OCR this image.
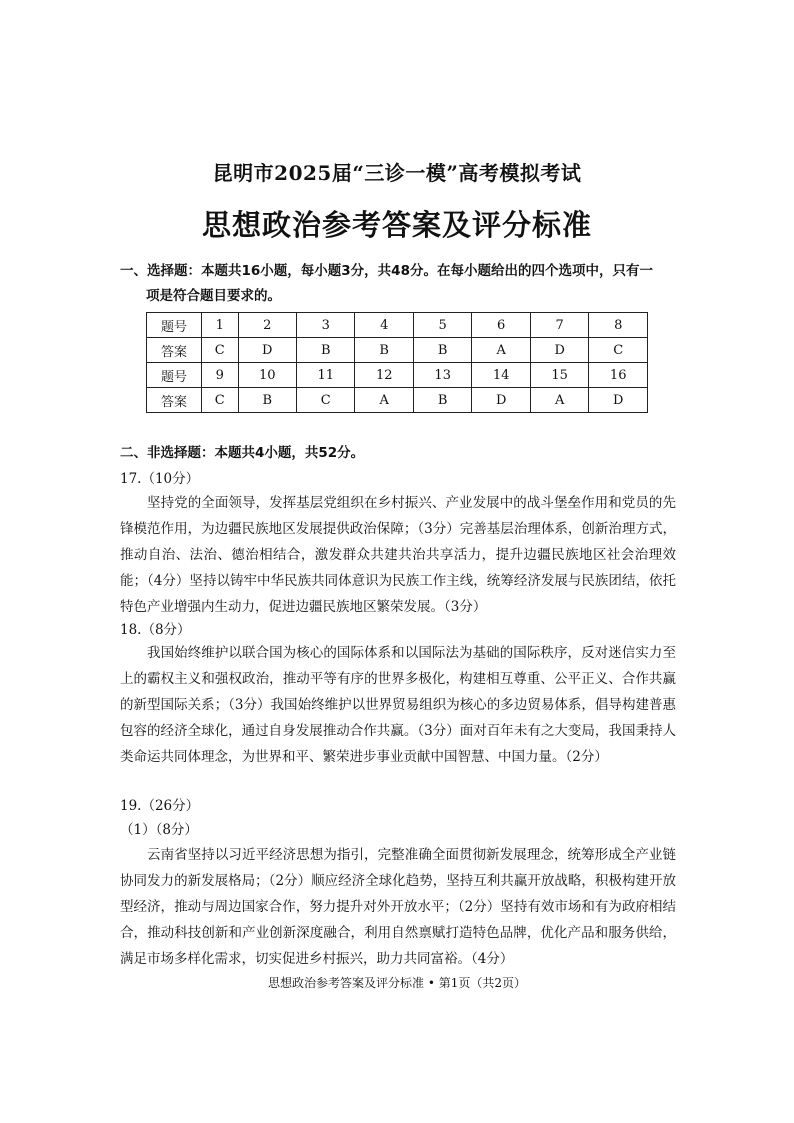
昆明市2025届“三诊一模”高考模拟考试
思想政治参考答案及评分标准
一、选择题：本题共16小题，每小题3分，共48分。在每小题给出的四个选项中，只有一
项是符合题目要求的。
题号	1	2	3	4	5	6	7	8
答案	C	D	B	B	B	A	D	C
题号	9	10	11	12	13	14	15	16
答案	C	B	C	A	B	D	A	D
二、非选择题：本题共4小题，共52分。
17.（10分）

坚持党的全面领导，发挥基层党组织在乡村振兴、产业发展中的战斗堡垒作用和党员的先锋模范作用，为边疆民族地区发展提供政治保障；（3分）完善基层治理体系，创新治理方式，推动自治、法治、德治相结合，激发群众共建共治共享活力，提升边疆民族地区社会治理效能；（4分）坚持以铸牢中华民族共同体意识为民族工作主线，统筹经济发展与民族团结，依托特色产业增强内生动力，促进边疆民族地区繁荣发展。（3分）

18.（8分）

我国始终维护以联合国为核心的国际体系和以国际法为基础的国际秩序，反对迷信实力至上的霸权主义和强权政治，推动平等有序的世界多极化，构建相互尊重、公平正义、合作共赢的新型国际关系；（3分）我国始终维护以世界贸易组织为核心的多边贸易体系，倡导构建普惠包容的经济全球化，通过自身发展推动合作共赢。（3分）面对百年未有之大变局，我国秉持人类命运共同体理念，为世界和平、繁荣进步事业贡献中国智慧、中国力量。（2分）

19.（26分）
（1）（8分）

云南省坚持以习近平经济思想为指引，完整准确全面贯彻新发展理念，统筹形成全产业链协同发力的新发展格局；（2分）顺应经济全球化趋势，坚持互利共赢开放战略，积极构建开放型经济，推动与周边国家合作，努力提升对外开放水平；（2分）坚持有效市场和有为政府相结合，推动科技创新和产业创新深度融合，利用自然禀赋打造特色品牌，优化产品和服务供给，满足市场多样化需求，切实促进乡村振兴，助力共同富裕。（4分）

思想政治参考答案及评分标准 • 第1页（共2页）
